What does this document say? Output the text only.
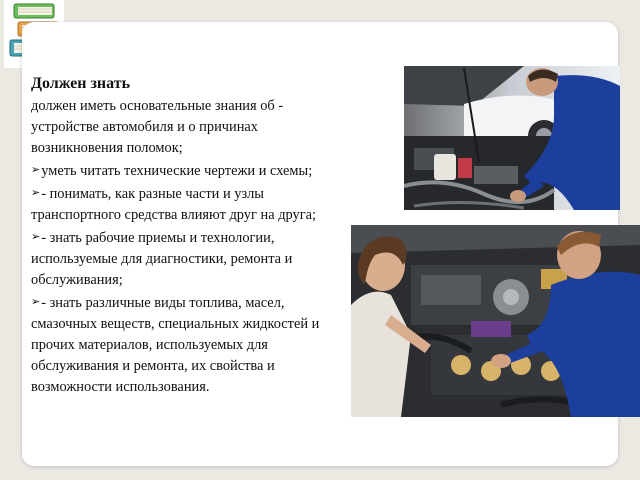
Должен знать

должен иметь основательные знания об - устройстве автомобиля и о причинах возникновения поломок;

➢уметь читать технические чертежи и схемы;

➢- понимать, как разные части и узлы транспортного средства влияют друг на друга;

➢- знать рабочие приемы и технологии, используемые для диагностики, ремонта и обслуживания;

➢- знать различные виды топлива, масел, смазочных веществ, специальных жидкостей и прочих материалов, используемых для обслуживания и ремонта, их свойства и возможности использования.
